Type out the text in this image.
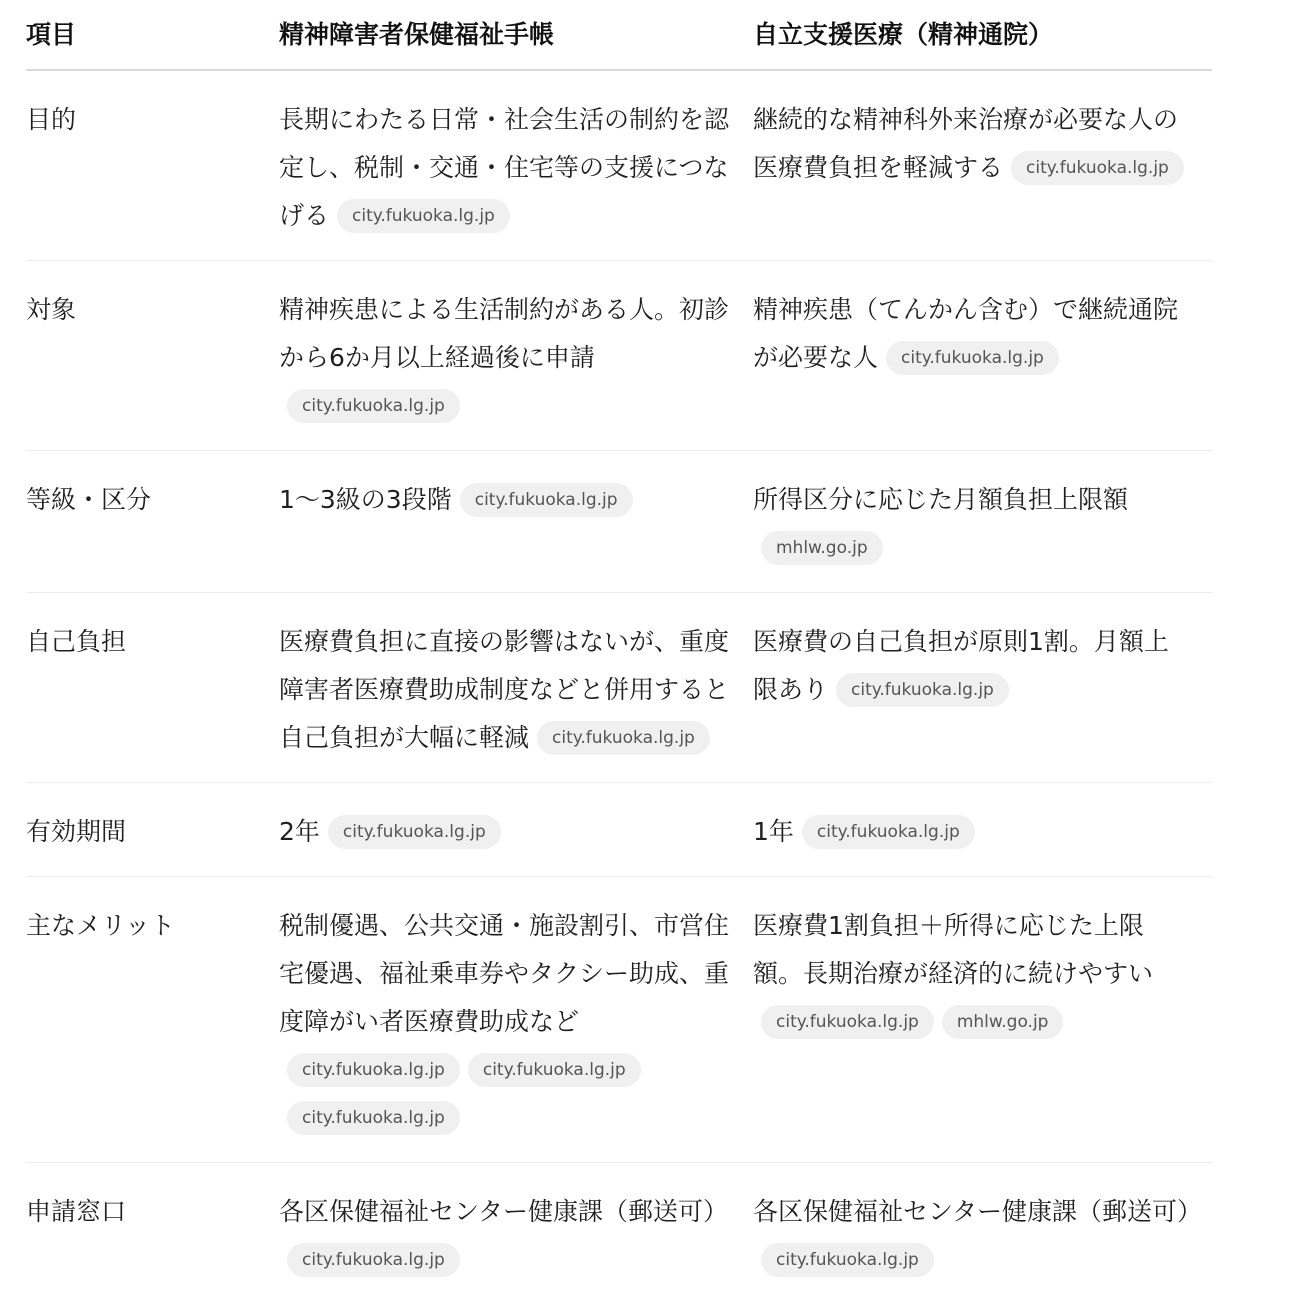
項目	精神障害者保健福祉手帳	自立支援医療（精神通院）
目的	長期にわたる日常・社会生活の制約を認定し、税制・交通・住宅等の支援につなげる city.fukuoka.lg.jp	継続的な精神科外来治療が必要な人の医療費負担を軽減する city.fukuoka.lg.jp
対象	精神疾患による生活制約がある人。初診から6か月以上経過後に申請city.fukuoka.lg.jp	精神疾患（てんかん含む）で継続通院が必要な人 city.fukuoka.lg.jp
等級・区分	1〜3級の3段階 city.fukuoka.lg.jp	所得区分に応じた月額負担上限額mhlw.go.jp
自己負担	医療費負担に直接の影響はないが、重度障害者医療費助成制度などと併用すると自己負担が大幅に軽減 city.fukuoka.lg.jp	医療費の自己負担が原則1割。月額上限あり city.fukuoka.lg.jp
有効期間	2年 city.fukuoka.lg.jp	1年 city.fukuoka.lg.jp
主なメリット	税制優遇、公共交通・施設割引、市営住宅優遇、福祉乗車券やタクシー助成、重度障がい者医療費助成などcity.fukuoka.lg.jp city.fukuoka.lg.jpcity.fukuoka.lg.jp	医療費1割負担＋所得に応じた上限額。長期治療が経済的に続けやすいcity.fukuoka.lg.jp mhlw.go.jp
申請窓口	各区保健福祉センター健康課（郵送可）city.fukuoka.lg.jp	各区保健福祉センター健康課（郵送可）city.fukuoka.lg.jp
